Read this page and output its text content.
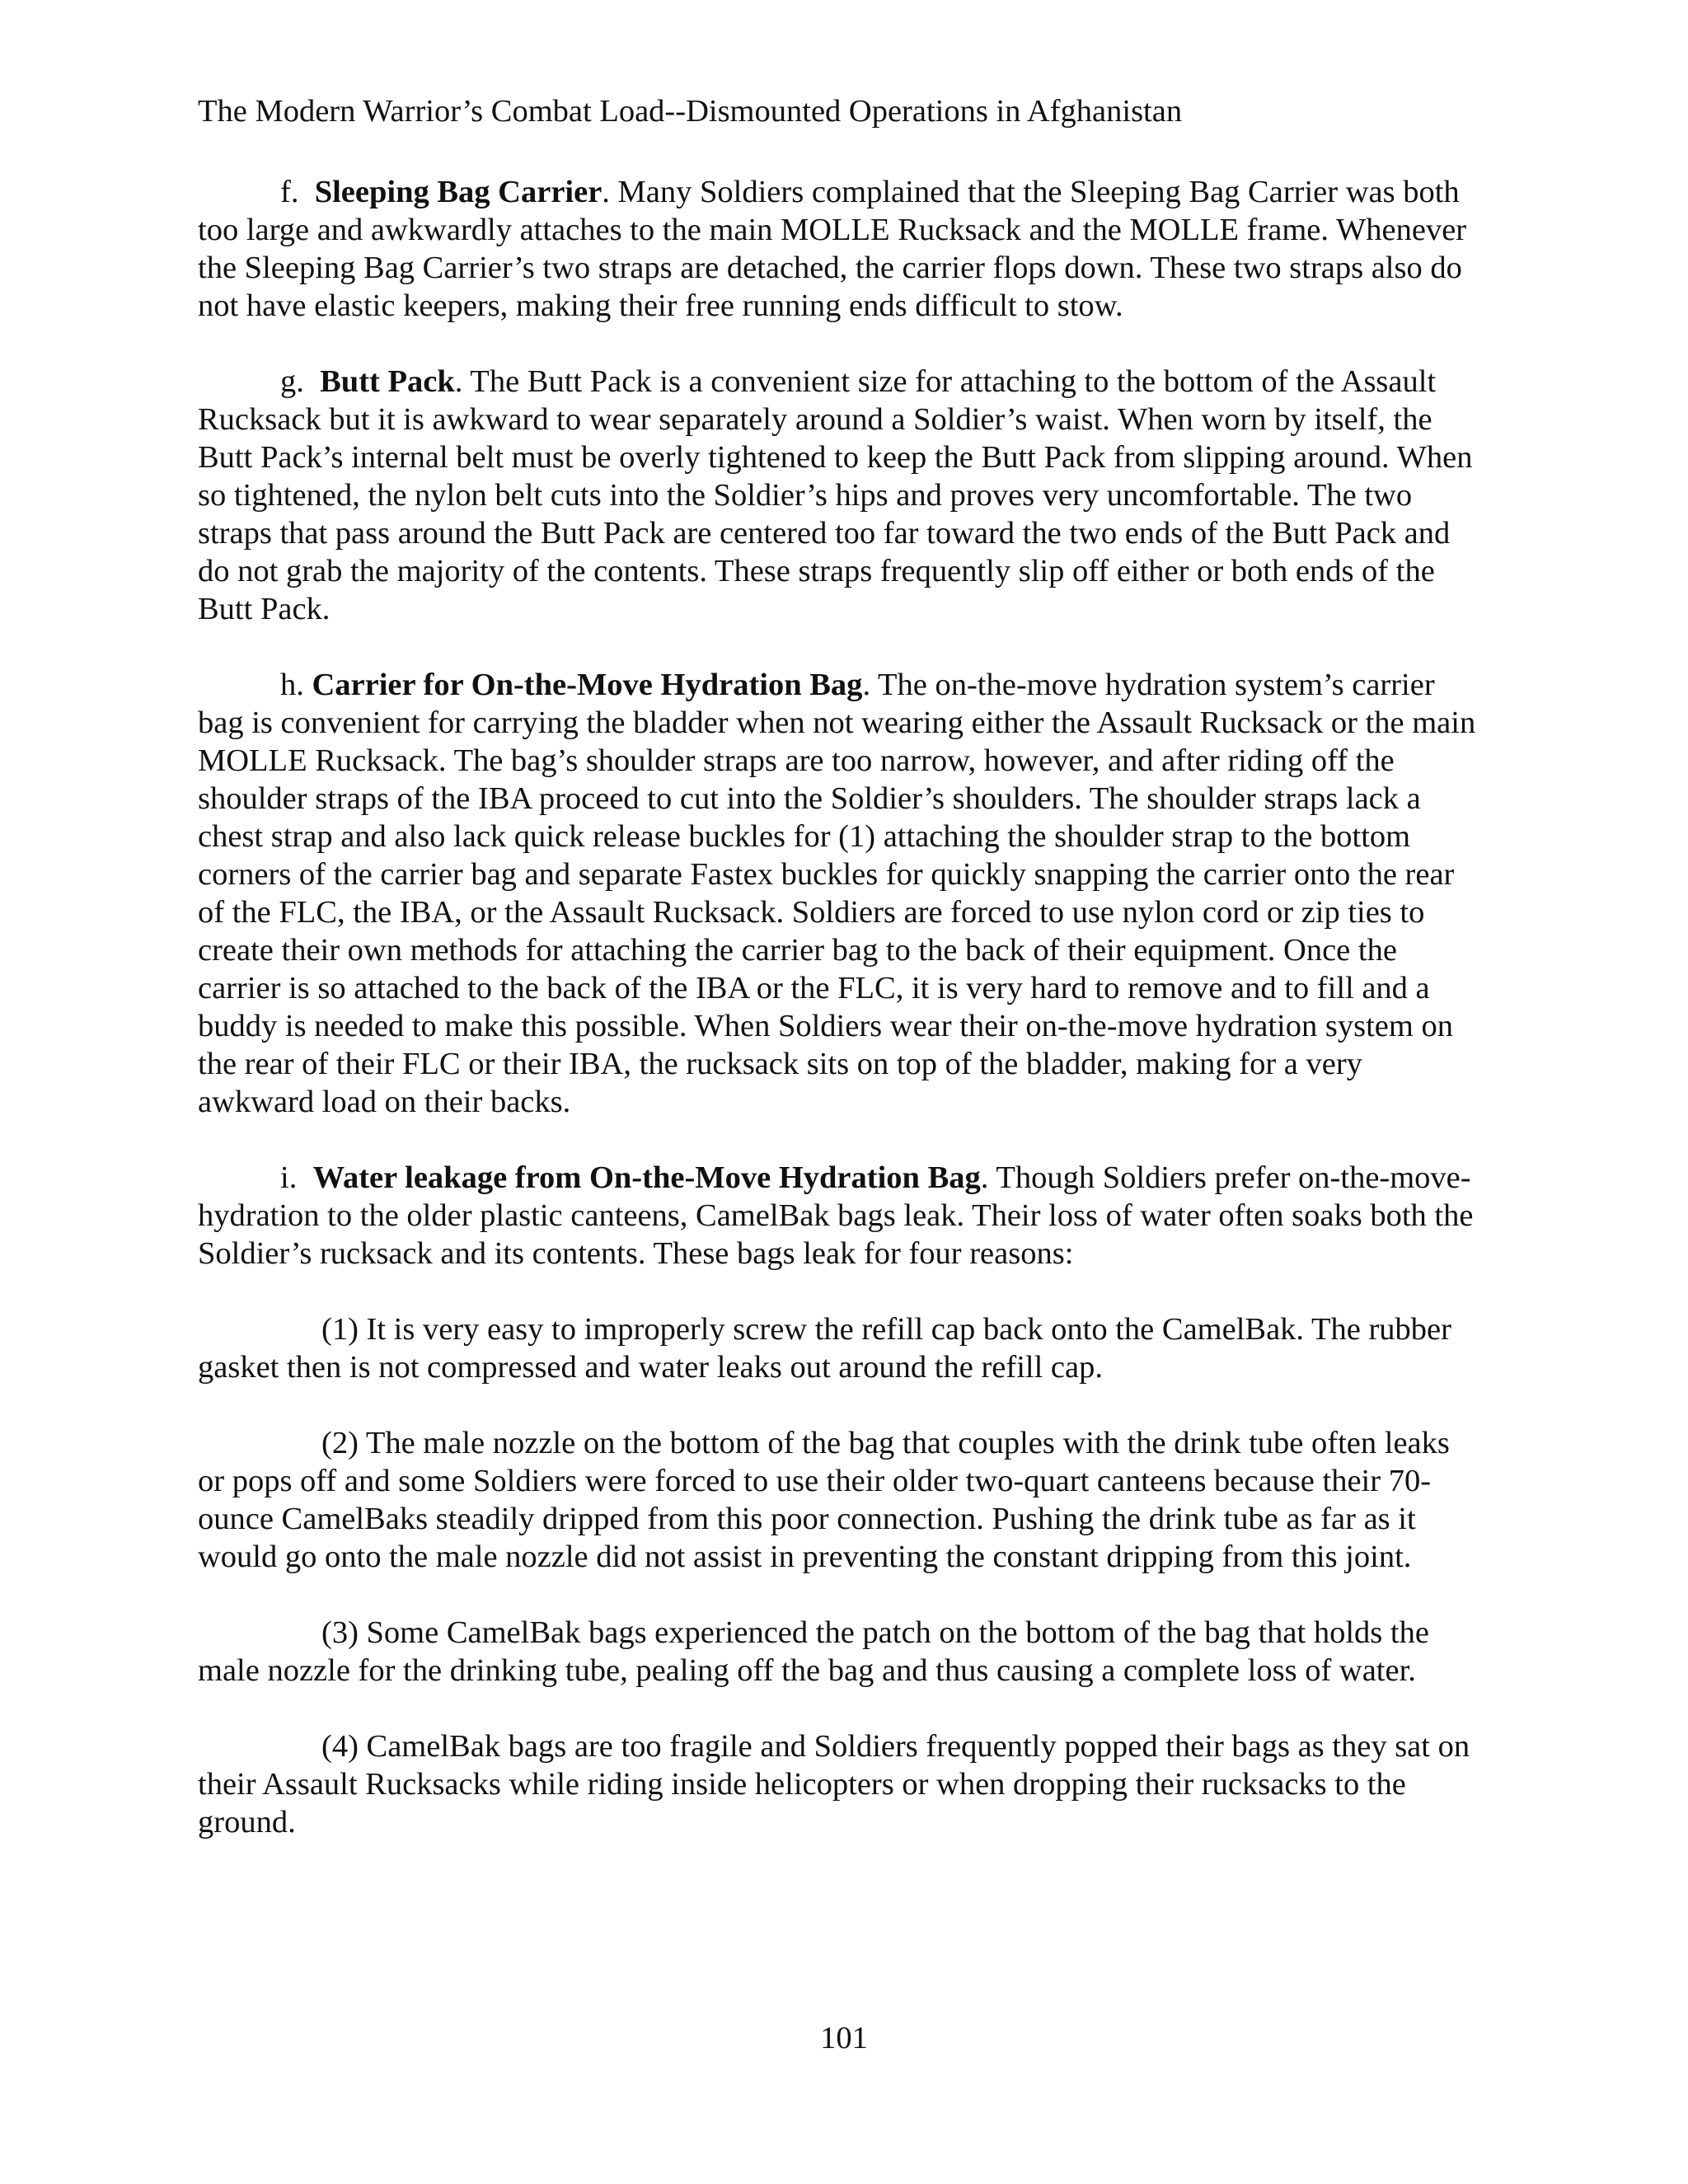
The Modern Warrior’s Combat Load--Dismounted Operations in Afghanistan

f. Sleeping Bag Carrier. Many Soldiers complained that the Sleeping Bag Carrier was both too large and awkwardly attaches to the main MOLLE Rucksack and the MOLLE frame. Whenever the Sleeping Bag Carrier’s two straps are detached, the carrier flops down. These two straps also do not have elastic keepers, making their free running ends difficult to stow.

g. Butt Pack. The Butt Pack is a convenient size for attaching to the bottom of the Assault Rucksack but it is awkward to wear separately around a Soldier’s waist. When worn by itself, the Butt Pack’s internal belt must be overly tightened to keep the Butt Pack from slipping around. When so tightened, the nylon belt cuts into the Soldier’s hips and proves very uncomfortable. The two straps that pass around the Butt Pack are centered too far toward the two ends of the Butt Pack and do not grab the majority of the contents. These straps frequently slip off either or both ends of the Butt Pack.

h. Carrier for On-the-Move Hydration Bag. The on-the-move hydration system’s carrier bag is convenient for carrying the bladder when not wearing either the Assault Rucksack or the main MOLLE Rucksack. The bag’s shoulder straps are too narrow, however, and after riding off the shoulder straps of the IBA proceed to cut into the Soldier’s shoulders. The shoulder straps lack a chest strap and also lack quick release buckles for (1) attaching the shoulder strap to the bottom corners of the carrier bag and separate Fastex buckles for quickly snapping the carrier onto the rear of the FLC, the IBA, or the Assault Rucksack. Soldiers are forced to use nylon cord or zip ties to create their own methods for attaching the carrier bag to the back of their equipment. Once the carrier is so attached to the back of the IBA or the FLC, it is very hard to remove and to fill and a buddy is needed to make this possible. When Soldiers wear their on-the-move hydration system on the rear of their FLC or their IBA, the rucksack sits on top of the bladder, making for a very awkward load on their backs.

i. Water leakage from On-the-Move Hydration Bag. Though Soldiers prefer on-the-move-hydration to the older plastic canteens, CamelBak bags leak. Their loss of water often soaks both the Soldier’s rucksack and its contents. These bags leak for four reasons:

(1) It is very easy to improperly screw the refill cap back onto the CamelBak. The rubber gasket then is not compressed and water leaks out around the refill cap.

(2) The male nozzle on the bottom of the bag that couples with the drink tube often leaks or pops off and some Soldiers were forced to use their older two-quart canteens because their 70-ounce CamelBaks steadily dripped from this poor connection. Pushing the drink tube as far as it would go onto the male nozzle did not assist in preventing the constant dripping from this joint.

(3) Some CamelBak bags experienced the patch on the bottom of the bag that holds the male nozzle for the drinking tube, pealing off the bag and thus causing a complete loss of water.

(4) CamelBak bags are too fragile and Soldiers frequently popped their bags as they sat on their Assault Rucksacks while riding inside helicopters or when dropping their rucksacks to the ground.

101
